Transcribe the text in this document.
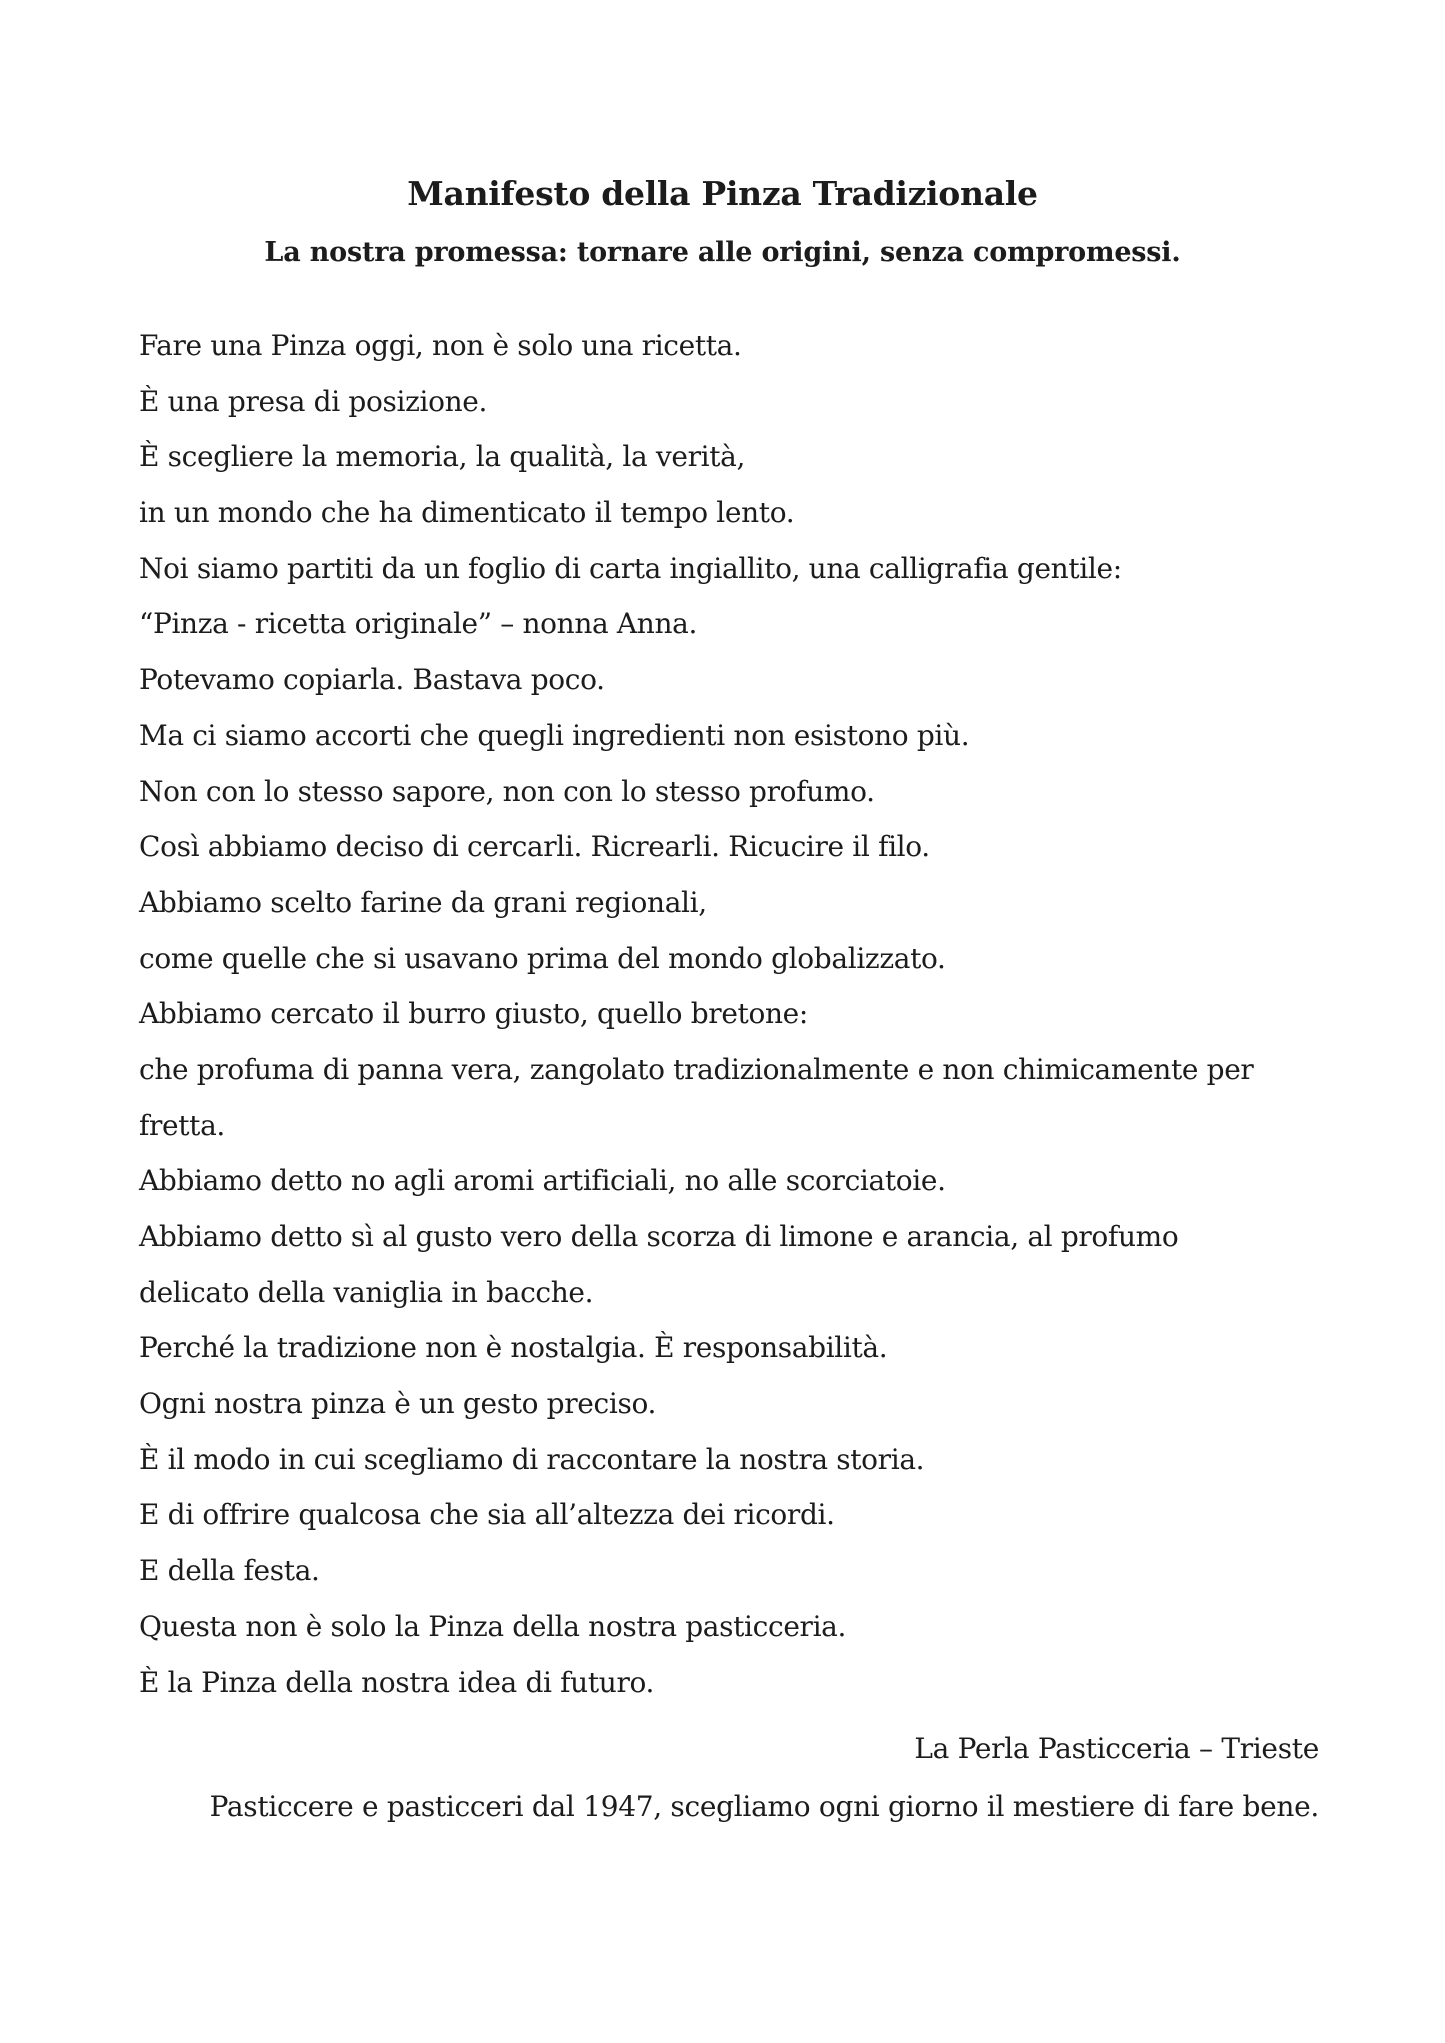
Manifesto della Pinza Tradizionale
La nostra promessa: tornare alle origini, senza compromessi.
Fare una Pinza oggi, non è solo una ricetta.
È una presa di posizione.
È scegliere la memoria, la qualità, la verità,
in un mondo che ha dimenticato il tempo lento.
Noi siamo partiti da un foglio di carta ingiallito, una calligrafia gentile:
“Pinza - ricetta originale” – nonna Anna.
Potevamo copiarla. Bastava poco.
Ma ci siamo accorti che quegli ingredienti non esistono più.
Non con lo stesso sapore, non con lo stesso profumo.
Così abbiamo deciso di cercarli. Ricrearli. Ricucire il filo.
Abbiamo scelto farine da grani regionali,
come quelle che si usavano prima del mondo globalizzato.
Abbiamo cercato il burro giusto, quello bretone:
che profuma di panna vera, zangolato tradizionalmente e non chimicamente per
fretta.
Abbiamo detto no agli aromi artificiali, no alle scorciatoie.
Abbiamo detto sì al gusto vero della scorza di limone e arancia, al profumo
delicato della vaniglia in bacche.
Perché la tradizione non è nostalgia. È responsabilità.
Ogni nostra pinza è un gesto preciso.
È il modo in cui scegliamo di raccontare la nostra storia.
E di offrire qualcosa che sia all’altezza dei ricordi.
E della festa.
Questa non è solo la Pinza della nostra pasticceria.
È la Pinza della nostra idea di futuro.
La Perla Pasticceria – Trieste
Pasticcere e pasticceri dal 1947, scegliamo ogni giorno il mestiere di fare bene.
